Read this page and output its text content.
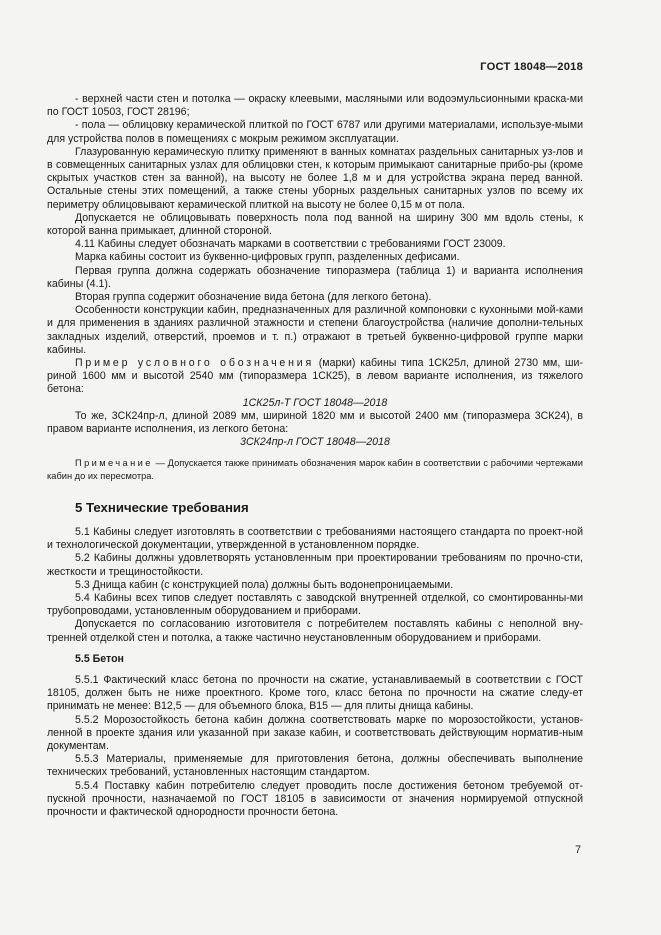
ГОСТ 18048—2018

- верхней части стен и потолка — окраску клеевыми, масляными или водоэмульсионными краска-ми по ГОСТ 10503, ГОСТ 28196;

- пола — облицовку керамической плиткой по ГОСТ 6787 или другими материалами, используе-мыми для устройства полов в помещениях с мокрым режимом эксплуатации.

Глазурованную керамическую плитку применяют в ванных комнатах раздельных санитарных уз-лов и в совмещенных санитарных узлах для облицовки стен, к которым примыкают санитарные прибо-ры (кроме скрытых участков стен за ванной), на высоту не более 1,8 м и для устройства экрана перед ванной. Остальные стены этих помещений, а также стены уборных раздельных санитарных узлов по всему их периметру облицовывают керамической плиткой на высоту не более 0,15 м от пола.

Допускается не облицовывать поверхность пола под ванной на ширину 300 мм вдоль стены, к которой ванна примыкает, длинной стороной.

4.11 Кабины следует обозначать марками в соответствии с требованиями ГОСТ 23009.

Марка кабины состоит из буквенно-цифровых групп, разделенных дефисами.

Первая группа должна содержать обозначение типоразмера (таблица 1) и варианта исполнения кабины (4.1).

Вторая группа содержит обозначение вида бетона (для легкого бетона).

Особенности конструкции кабин, предназначенных для различной компоновки с кухонными мой-ками и для применения в зданиях различной этажности и степени благоустройства (наличие дополни-тельных закладных изделий, отверстий, проемов и т. п.) отражают в третьей буквенно-цифровой группе марки кабины.

Пример условного обозначения (марки) кабины типа 1СК25л, длиной 2730 мм, ши-риной 1600 мм и высотой 2540 мм (типоразмера 1СК25), в левом варианте исполнения, из тяжелого бетона:

1СК25л-Т ГОСТ 18048—2018

То же, 3СК24пр-л, длиной 2089 мм, шириной 1820 мм и высотой 2400 мм (типоразмера 3СК24), в правом варианте исполнения, из легкого бетона:

3СК24пр-л ГОСТ 18048—2018

Примечание — Допускается также принимать обозначения марок кабин в соответствии с рабочими чертежами кабин до их пересмотра.

5 Технические требования

5.1 Кабины следует изготовлять в соответствии с требованиями настоящего стандарта по проект-ной и технологической документации, утвержденной в установленном порядке.

5.2 Кабины должны удовлетворять установленным при проектировании требованиям по прочно-сти, жесткости и трещиностойкости.

5.3 Днища кабин (с конструкцией пола) должны быть водонепроницаемыми.

5.4 Кабины всех типов следует поставлять с заводской внутренней отделкой, со смонтированны-ми трубопроводами, установленным оборудованием и приборами.

Допускается по согласованию изготовителя с потребителем поставлять кабины с неполной вну-тренней отделкой стен и потолка, а также частично неустановленным оборудованием и приборами.

5.5 Бетон

5.5.1 Фактический класс бетона по прочности на сжатие, устанавливаемый в соответствии с ГОСТ 18105, должен быть не ниже проектного. Кроме того, класс бетона по прочности на сжатие следу-ет принимать не менее: В12,5 — для объемного блока, В15 — для плиты днища кабины.

5.5.2 Морозостойкость бетона кабин должна соответствовать марке по морозостойкости, установ-ленной в проекте здания или указанной при заказе кабин, и соответствовать действующим норматив-ным документам.

5.5.3 Материалы, применяемые для приготовления бетона, должны обеспечивать выполнение технических требований, установленных настоящим стандартом.

5.5.4 Поставку кабин потребителю следует проводить после достижения бетоном требуемой от-пускной прочности, назначаемой по ГОСТ 18105 в зависимости от значения нормируемой отпускной прочности и фактической однородности прочности бетона.

7
